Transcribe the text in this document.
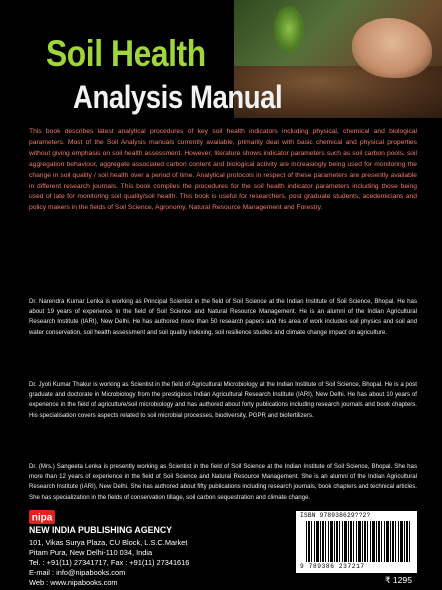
Soil Health
Analysis Manual
This book describes latest analytical procedures of key soil health indicators including physical, chemical and biological parameters. Most of the Soil Analysis manuals currently available, primarily deal with basic chemical and physical properties without giving emphasis on soil health assessment. However, literature shows indicator parameters such as soil carbon pools, soil aggregation behaviour, aggregate associated carbon content and biological activity are increasingly being used for monitoring the change in soil quality / soil health over a period of time. Analytical protocols in respect of these parameters are presently available in different research journals. This book compiles the procedures for the soil health indicator parameters including those being used of late for monitoring soil quality/soil health. This book is useful for researchers, post graduate students, acedemicians and policy makers in the fields of Soil Science, Agronomy, Natural Resource Management and Forestry.
Dr. Narendra Kumar Lenka is working as Principal Scientist in the field of Soil Science at the Indian Institute of Soil Science, Bhopal. He has about 19 years of experience in the field of Soil Science and Natural Resource Management. He is an alumni of the Indian Agricultural Research Institute (IARI), New Delhi. He has authored more than 50 research papers and his area of work includes soil physics and soil and water conservation, soil health assessment and soil quality indexing, soil resilience studies and climate change impact on agriculture.
Dr. Jyoti Kumar Thakur is working as Scientist in the field of Agricultural Microbiology at the Indian Institute of Soil Science, Bhopal. He is a post graduate and doctorate in Microbiology from the prestigious Indian Agricultural Research Institute (IARI), New Delhi. He has about 10 years of experience in the field of agriculture/soil microbiology and has authored about forty publications including research journals and book chapters. His specialisation covers aspects related to soil microbial processes, biodiversity, PGPR and biofertilizers.
Dr. (Mrs.) Sangeeta Lenka is presently working as Scientist in the field of Soil Science at the Indian Institute of Soil Science, Bhopal. She has more than 12 years of experience in the field of Soil Science and Natural Resource Management. She is an alumni of the Indian Agricultural Research Institute (IARI), New Delhi. She has authored about fifty publications including research journals, book chapters and technical articles. She has specialization in the fields of conservation tillage, soil carbon sequestration and climate change.
nipa
NEW INDIA PUBLISHING AGENCY
101, Vikas Surya Plaza, CU Block, L.S.C.Market
Pitam Pura, New Delhi-110 034, India
Tel. : +91(11) 27341717, Fax : +91(11) 27341616
E-mail : info@nipabooks.com
Web : www.nipabooks.com
ISBN 978938629??2?
9 789386 237217
₹ 1295
